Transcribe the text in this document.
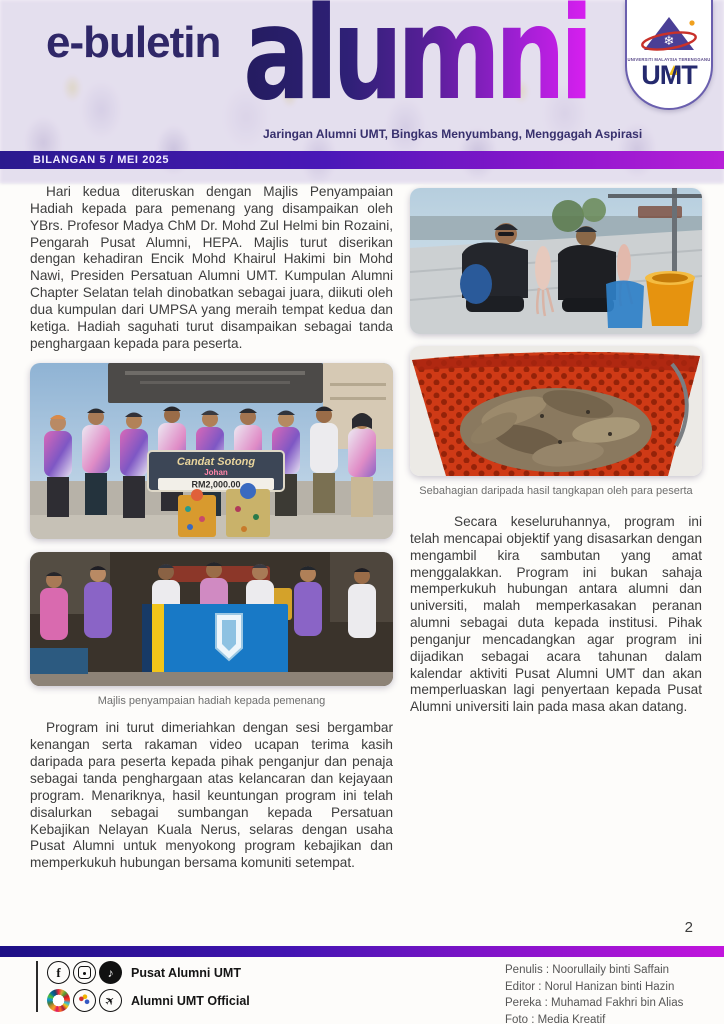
e-buletin alumni
Jaringan Alumni UMT, Bingkas Menyumbang, Menggagah Aspirasi
BILANGAN 5 / MEI 2025
❄
UNIVERSITI MALAYSIA TERENGGANU
UMT

Hari kedua diteruskan dengan Majlis Penyampaian Hadiah kepada para pemenang yang disampaikan oleh YBrs. Profesor Madya ChM Dr. Mohd Zul Helmi bin Rozaini, Pengarah Pusat Alumni, HEPA. Majlis turut diserikan dengan kehadiran Encik Mohd Khairul Hakimi bin Mohd Nawi, Presiden Persatuan Alumni UMT. Kumpulan Alumni Chapter Selatan telah dinobatkan sebagai juara, diikuti oleh dua kumpulan dari UMPSA yang meraih tempat kedua dan ketiga. Hadiah saguhati turut disampaikan sebagai tanda penghargaan kepada para peserta.

Candat Sotong
Johan
RM2,000.00
Majlis penyampaian hadiah kepada pemenang

Program ini turut dimeriahkan dengan sesi bergambar kenangan serta rakaman video ucapan terima kasih daripada para peserta kepada pihak penganjur dan penaja sebagai tanda penghargaan atas kelancaran dan kejayaan program. Menariknya, hasil keuntungan program ini telah disalurkan sebagai sumbangan kepada Persatuan Kebajikan Nelayan Kuala Nerus, selaras dengan usaha Pusat Alumni untuk menyokong program kebajikan dan memperkukuh hubungan bersama komuniti setempat.

Sebahagian daripada hasil tangkapan oleh para peserta

Secara keseluruhannya, program ini telah mencapai objektif yang disasarkan dengan mengambil kira sambutan yang amat menggalakkan. Program ini bukan sahaja memperkukuh hubungan antara alumni dan universiti, malah memperkasakan peranan alumni sebagai duta kepada institusi. Pihak penganjur mencadangkan agar program ini dijadikan sebagai acara tahunan dalam kalendar aktiviti Pusat Alumni UMT dan akan memperluaskan lagi penyertaan kepada Pusat Alumni universiti lain pada masa akan datang.

2
f	♪	Pusat Alumni UMT
✈ Alumni UMT Official
Penulis : Noorullaily binti Saffain
Editor : Norul Hanizan binti Hazin
Pereka : Muhamad Fakhri bin Alias
Foto : Media Kreatif
